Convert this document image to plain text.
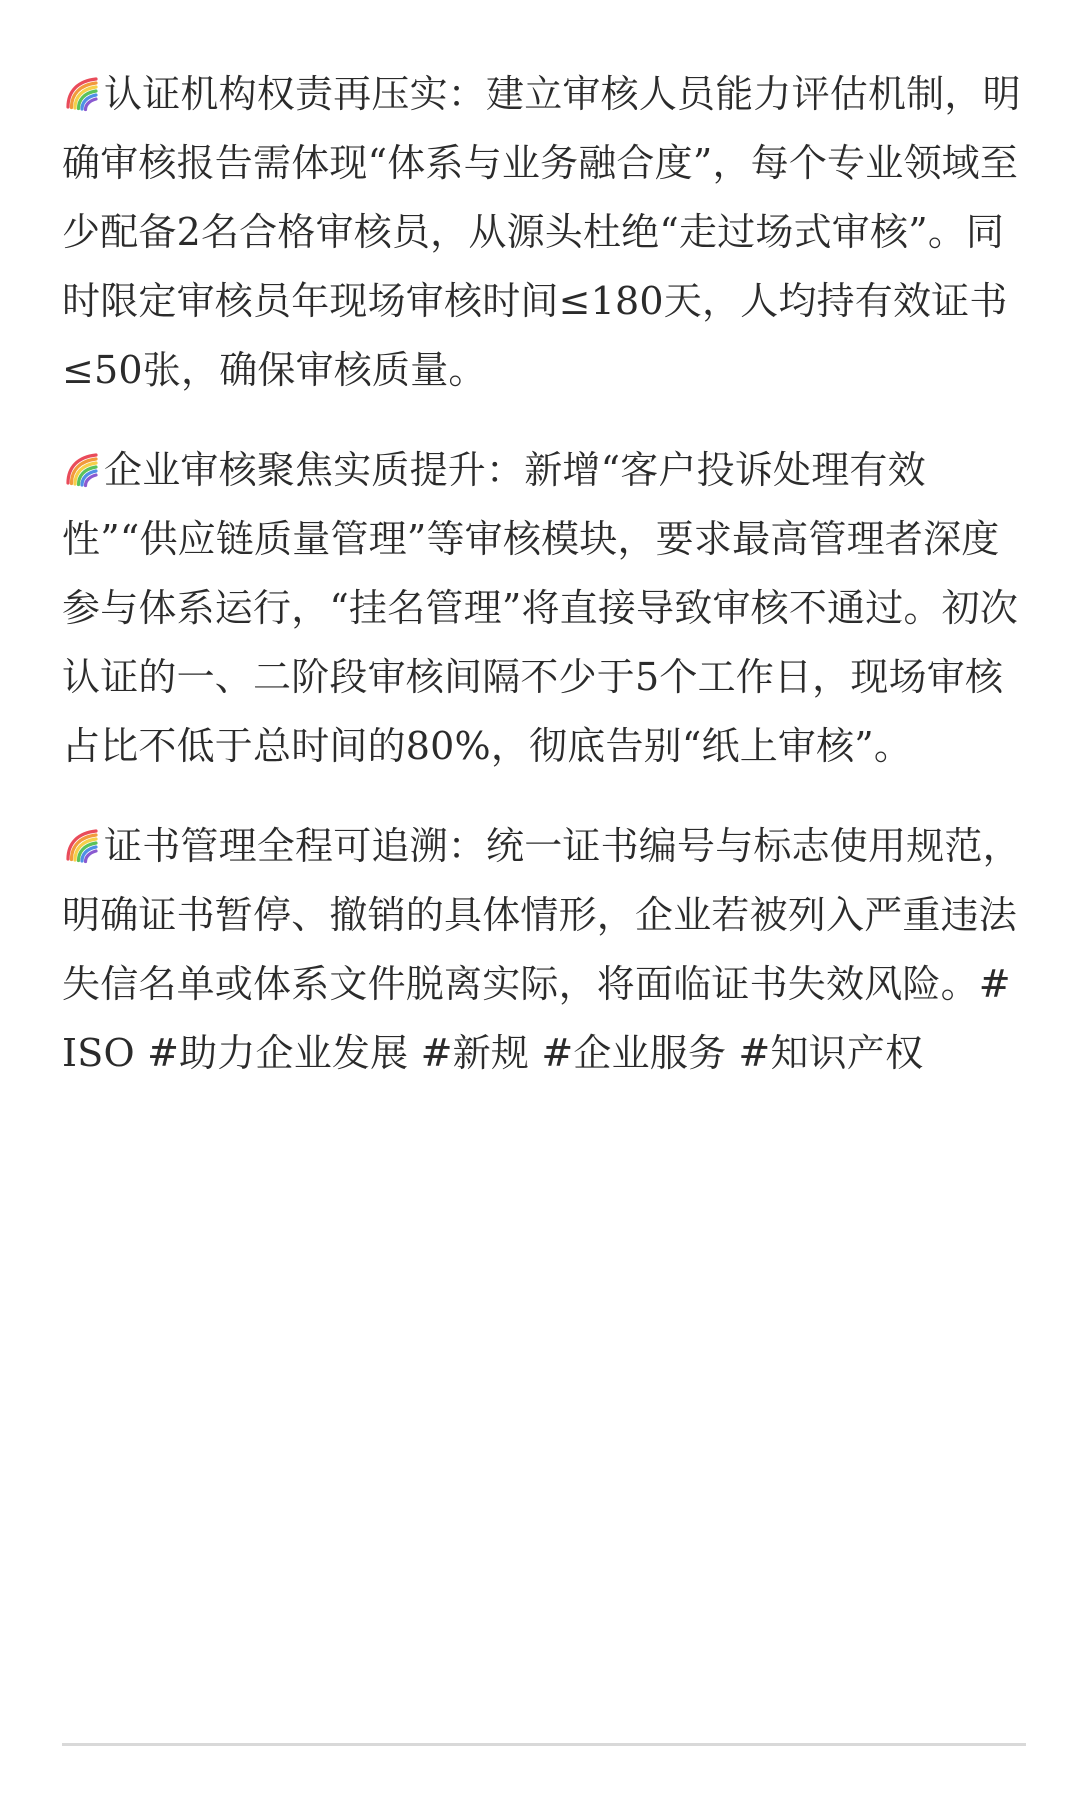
认证机构权责再压实：建立审核人员能力评估机制，明确审核报告需体现“体系与业务融合度”，每个专业领域至少配备2名合格审核员，从源头杜绝“走过场式审核”。同时限定审核员年现场审核时间≤180天，人均持有效证书≤50张，确保审核质量。

企业审核聚焦实质提升：新增“客户投诉处理有效性”“供应链质量管理”等审核模块，要求最高管理者深度参与体系运行，“挂名管理”将直接导致审核不通过。初次认证的一、二阶段审核间隔不少于5个工作日，现场审核占比不低于总时间的80%，彻底告别“纸上审核”。

证书管理全程可追溯：统一证书编号与标志使用规范，明确证书暂停、撤销的具体情形，企业若被列入严重违法失信名单或体系文件脱离实际，将面临证书失效风险。#ISO #助力企业发展 #新规 #企业服务 #知识产权
